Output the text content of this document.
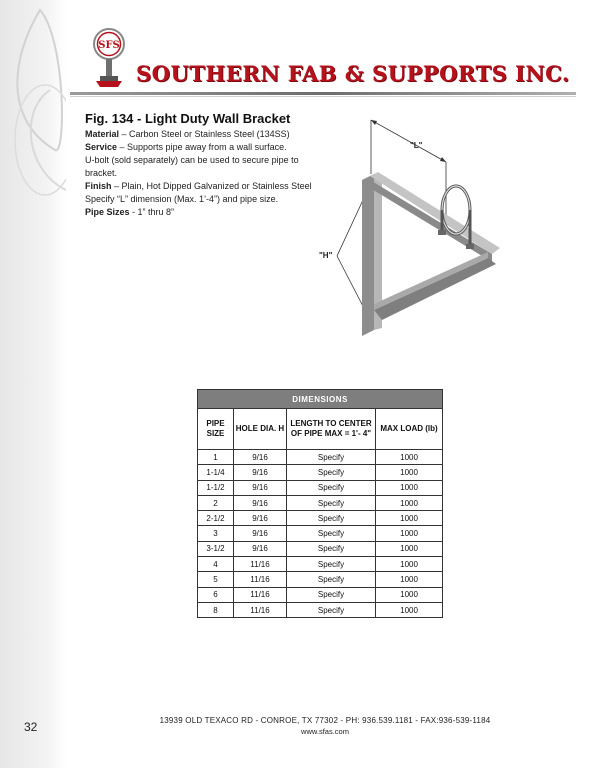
32
SFS
SOUTHERN FAB & SUPPORTS INC.
Fig. 134 - Light Duty Wall Bracket

Material – Carbon Steel or Stainless Steel (134SS)

Service – Supports pipe away from a wall surface.

U-bolt (sold separately) can be used to secure pipe to bracket.

Finish – Plain, Hot Dipped Galvanized or Stainless Steel

Specify “L” dimension (Max. 1’-4”) and pipe size.

Pipe Sizes - 1” thru 8”

"L"
"H"
DIMENSIONS			
PIPE SIZE	HOLE DIA. H	LENGTH TO CENTER OF PIPE MAX = 1'- 4"	MAX LOAD (lb)
1	9/16	Specify	1000
1-1/4	9/16	Specify	1000
1-1/2	9/16	Specify	1000
2	9/16	Specify	1000
2-1/2	9/16	Specify	1000
3	9/16	Specify	1000
3-1/2	9/16	Specify	1000
4	11/16	Specify	1000
5	11/16	Specify	1000
6	11/16	Specify	1000
8	11/16	Specify	1000
13939 OLD TEXACO RD - CONROE, TX 77302 - PH: 936.539.1181 - FAX:936-539-1184
www.sfas.com
